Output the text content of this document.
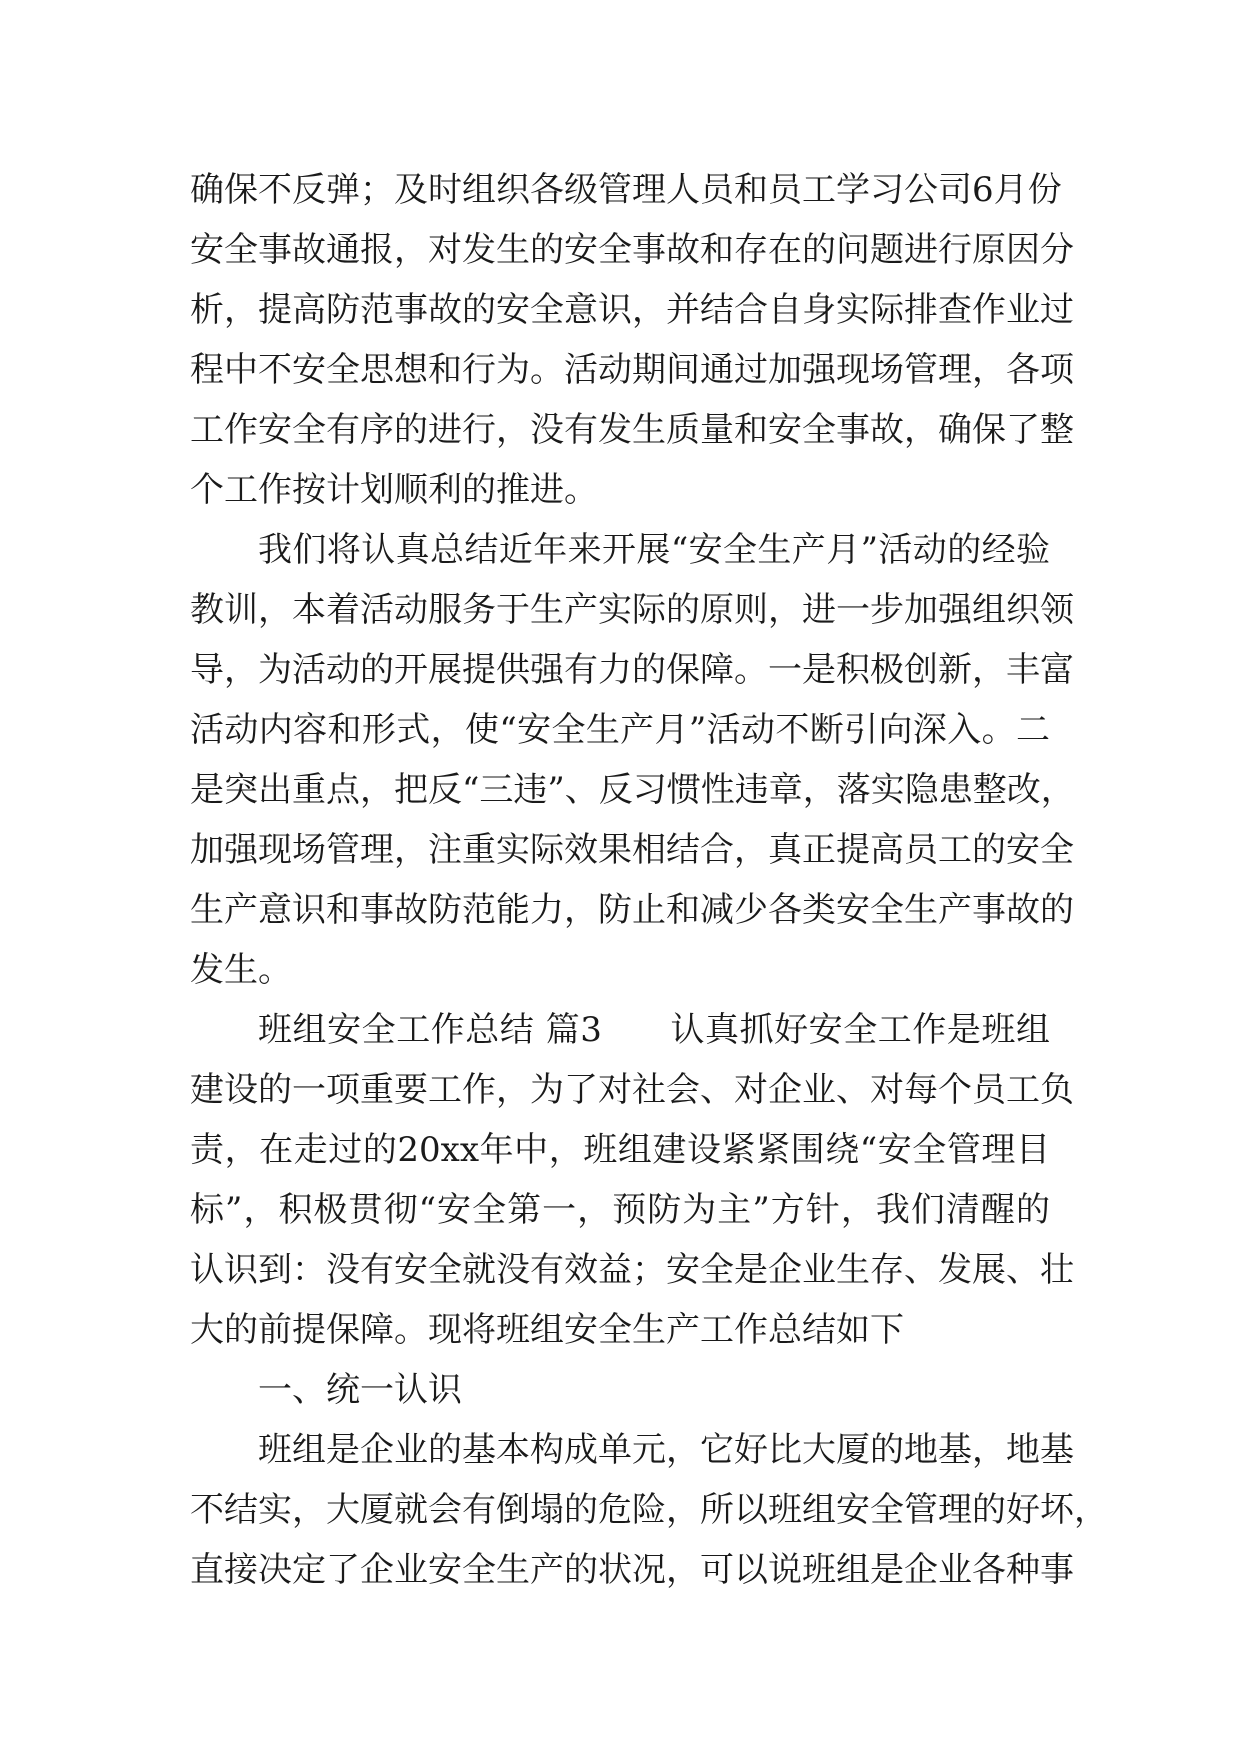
确保不反弹；及时组织各级管理人员和员工学习公司6月份
安全事故通报，对发生的安全事故和存在的问题进行原因分
析，提高防范事故的安全意识，并结合自身实际排查作业过
程中不安全思想和行为。活动期间通过加强现场管理，各项
工作安全有序的进行，没有发生质量和安全事故，确保了整
个工作按计划顺利的推进。
我们将认真总结近年来开展“安全生产月”活动的经验
教训，本着活动服务于生产实际的原则，进一步加强组织领
导，为活动的开展提供强有力的保障。一是积极创新，丰富
活动内容和形式，使“安全生产月”活动不断引向深入。二
是突出重点，把反“三违”、反习惯性违章，落实隐患整改，
加强现场管理，注重实际效果相结合，真正提高员工的安全
生产意识和事故防范能力，防止和减少各类安全生产事故的
发生。
班组安全工作总结 篇3 认真抓好安全工作是班组
建设的一项重要工作，为了对社会、对企业、对每个员工负
责，在走过的20xx年中，班组建设紧紧围绕“安全管理目
标”，积极贯彻“安全第一，预防为主”方针，我们清醒的
认识到：没有安全就没有效益；安全是企业生存、发展、壮
大的前提保障。现将班组安全生产工作总结如下
一、统一认识
班组是企业的基本构成单元，它好比大厦的地基，地基
不结实，大厦就会有倒塌的危险，所以班组安全管理的好坏，
直接决定了企业安全生产的状况，可以说班组是企业各种事
